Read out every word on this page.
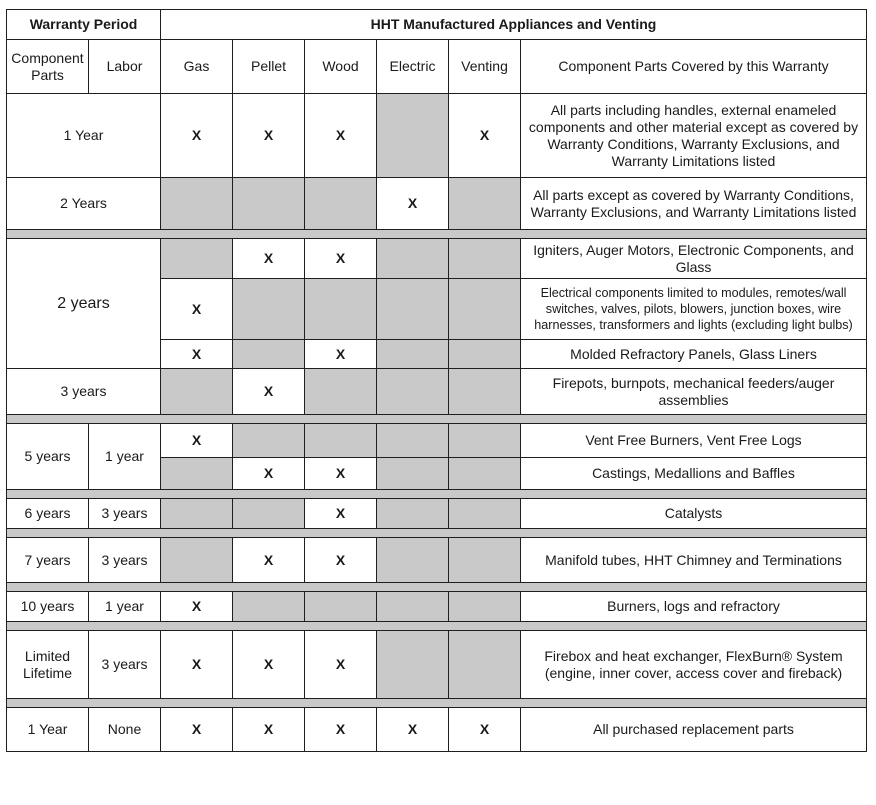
Warranty Period		HHT Manufactured Appliances and Venting					
Component Parts	Labor	Gas	Pellet	Wood	Electric	Venting	Component Parts Covered by this Warranty
1 Year		X	X	X		X	All parts including handles, external enameled components and other material except as covered by Warranty Conditions, Warranty Exclusions, and Warranty Limitations listed
2 Years					X		All parts except as covered by Warranty Conditions, Warranty Exclusions, and Warranty Limitations listed

2 years			X	X			Igniters, Auger Motors, Electronic Components, and Glass
		X					Electrical components limited to modules, remotes/wall switches, valves, pilots, blowers, junction boxes, wire harnesses, transformers and lights (excluding light bulbs)
		X		X			Molded Refractory Panels, Glass Liners
3 years			X				Firepots, burnpots, mechanical feeders/auger assemblies

5 years	1 year	X					Vent Free Burners, Vent Free Logs
			X	X			Castings, Medallions and Baffles

6 years	3 years			X			Catalysts

7 years	3 years		X	X			Manifold tubes, HHT Chimney and Terminations

10 years	1 year	X					Burners, logs and refractory

Limited Lifetime	3 years	X	X	X			Firebox and heat exchanger, FlexBurn® System (engine, inner cover, access cover and fireback)

1 Year	None	X	X	X	X	X	All purchased replacement parts
